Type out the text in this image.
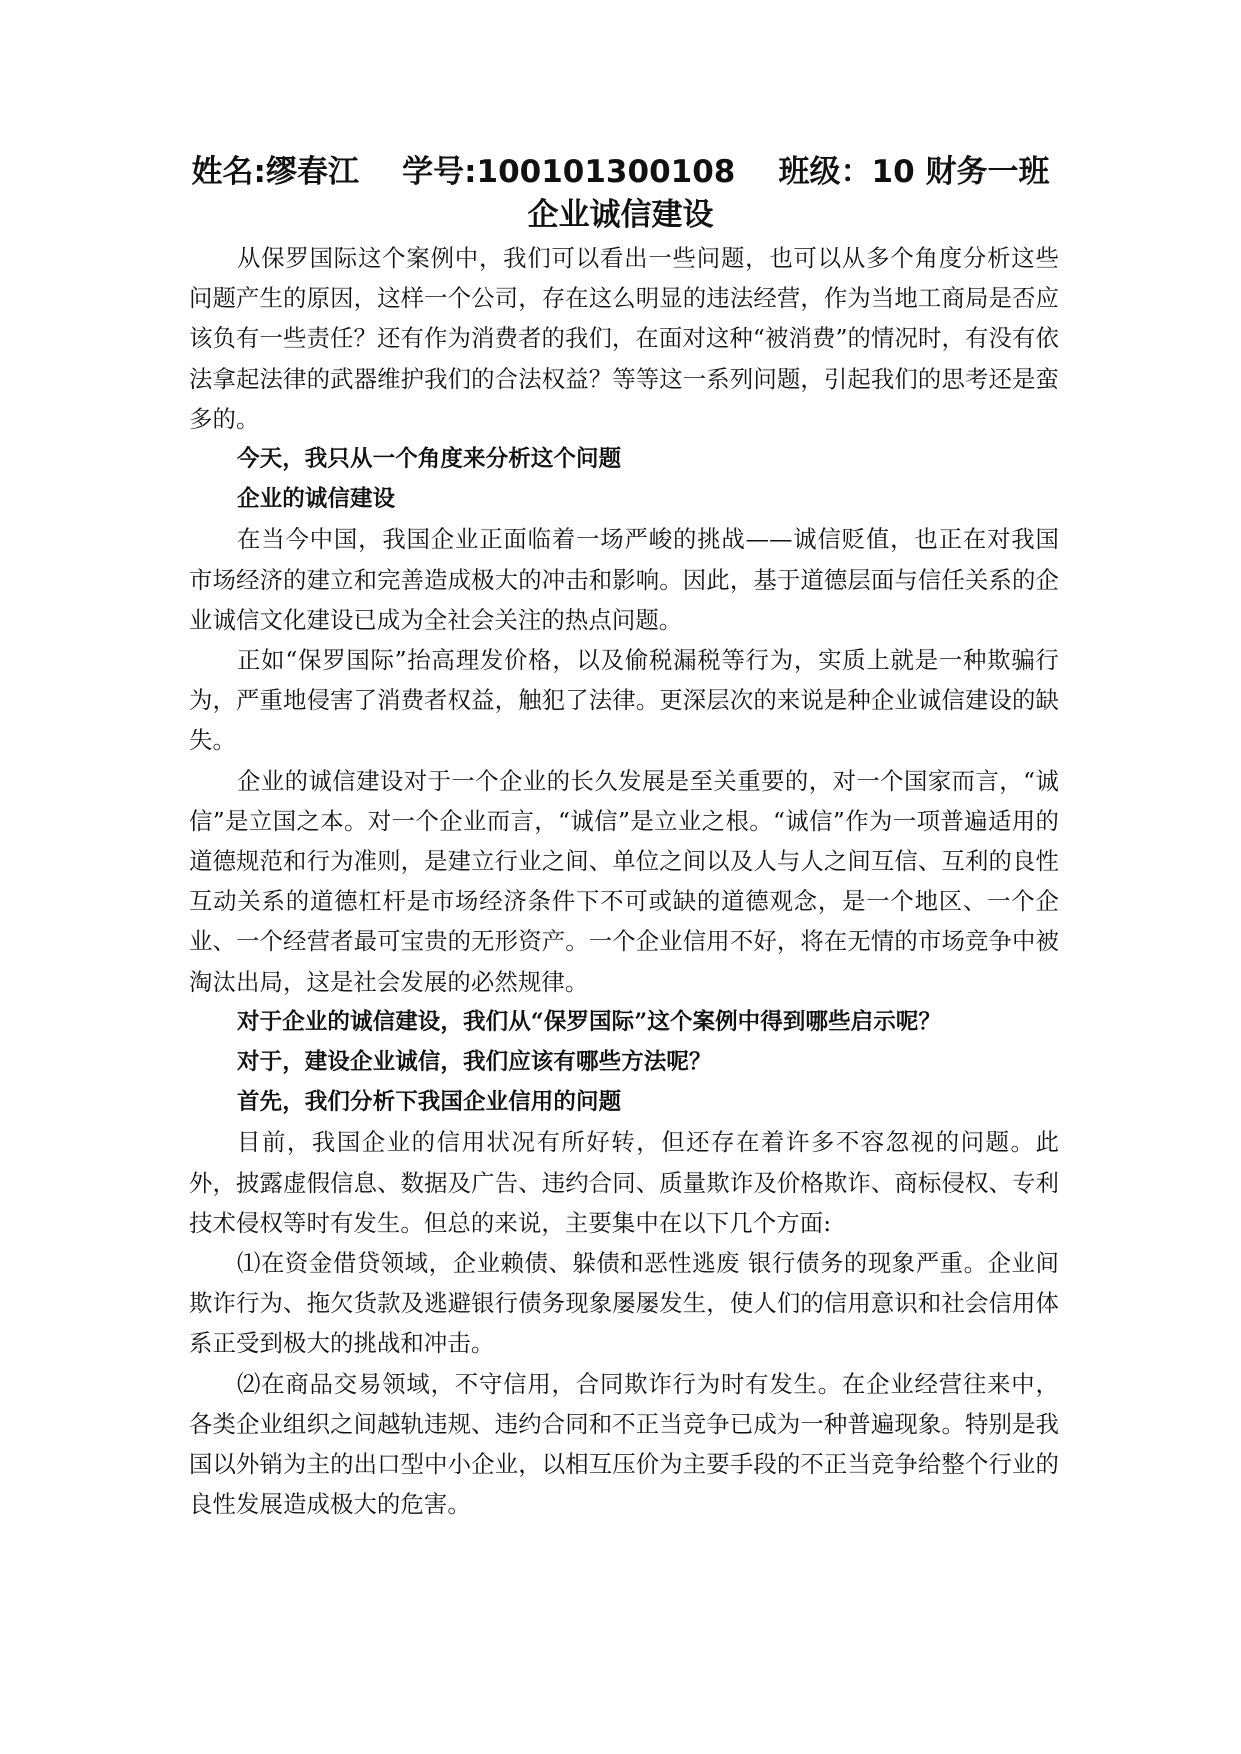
姓名:缪春江    学号:100101300108    班级：10 财务一班

企业诚信建设

从保罗国际这个案例中，我们可以看出一些问题，也可以从多个角度分析这些问题产生的原因，这样一个公司，存在这么明显的违法经营，作为当地工商局是否应该负有一些责任？还有作为消费者的我们，在面对这种“被消费”的情况时，有没有依法拿起法律的武器维护我们的合法权益？等等这一系列问题，引起我们的思考还是蛮多的。

今天，我只从一个角度来分析这个问题

企业的诚信建设

在当今中国，我国企业正面临着一场严峻的挑战——诚信贬值，也正在对我国市场经济的建立和完善造成极大的冲击和影响。因此，基于道德层面与信任关系的企业诚信文化建设已成为全社会关注的热点问题。

正如“保罗国际”抬高理发价格，以及偷税漏税等行为，实质上就是一种欺骗行为，严重地侵害了消费者权益，触犯了法律。更深层次的来说是种企业诚信建设的缺失。

企业的诚信建设对于一个企业的长久发展是至关重要的，对一个国家而言，“诚信”是立国之本。对一个企业而言，“诚信”是立业之根。“诚信”作为一项普遍适用的道德规范和行为准则，是建立行业之间、单位之间以及人与人之间互信、互利的良性互动关系的道德杠杆是市场经济条件下不可或缺的道德观念，是一个地区、一个企业、一个经营者最可宝贵的无形资产。一个企业信用不好，将在无情的市场竞争中被淘汰出局，这是社会发展的必然规律。

对于企业的诚信建设，我们从“保罗国际”这个案例中得到哪些启示呢？

对于，建设企业诚信，我们应该有哪些方法呢？

首先，我们分析下我国企业信用的问题

目前，我国企业的信用状况有所好转，但还存在着许多不容忽视的问题。此外，披露虚假信息、数据及广告、违约合同、质量欺诈及价格欺诈、商标侵权、专利技术侵权等时有发生。但总的来说，主要集中在以下几个方面:

⑴在资金借贷领域，企业赖债、躲债和恶性逃废 银行债务的现象严重。企业间欺诈行为、拖欠货款及逃避银行债务现象屡屡发生，使人们的信用意识和社会信用体系正受到极大的挑战和冲击。

⑵在商品交易领域，不守信用，合同欺诈行为时有发生。在企业经营往来中，各类企业组织之间越轨违规、违约合同和不正当竞争已成为一种普遍现象。特别是我国以外销为主的出口型中小企业，以相互压价为主要手段的不正当竞争给整个行业的良性发展造成极大的危害。
